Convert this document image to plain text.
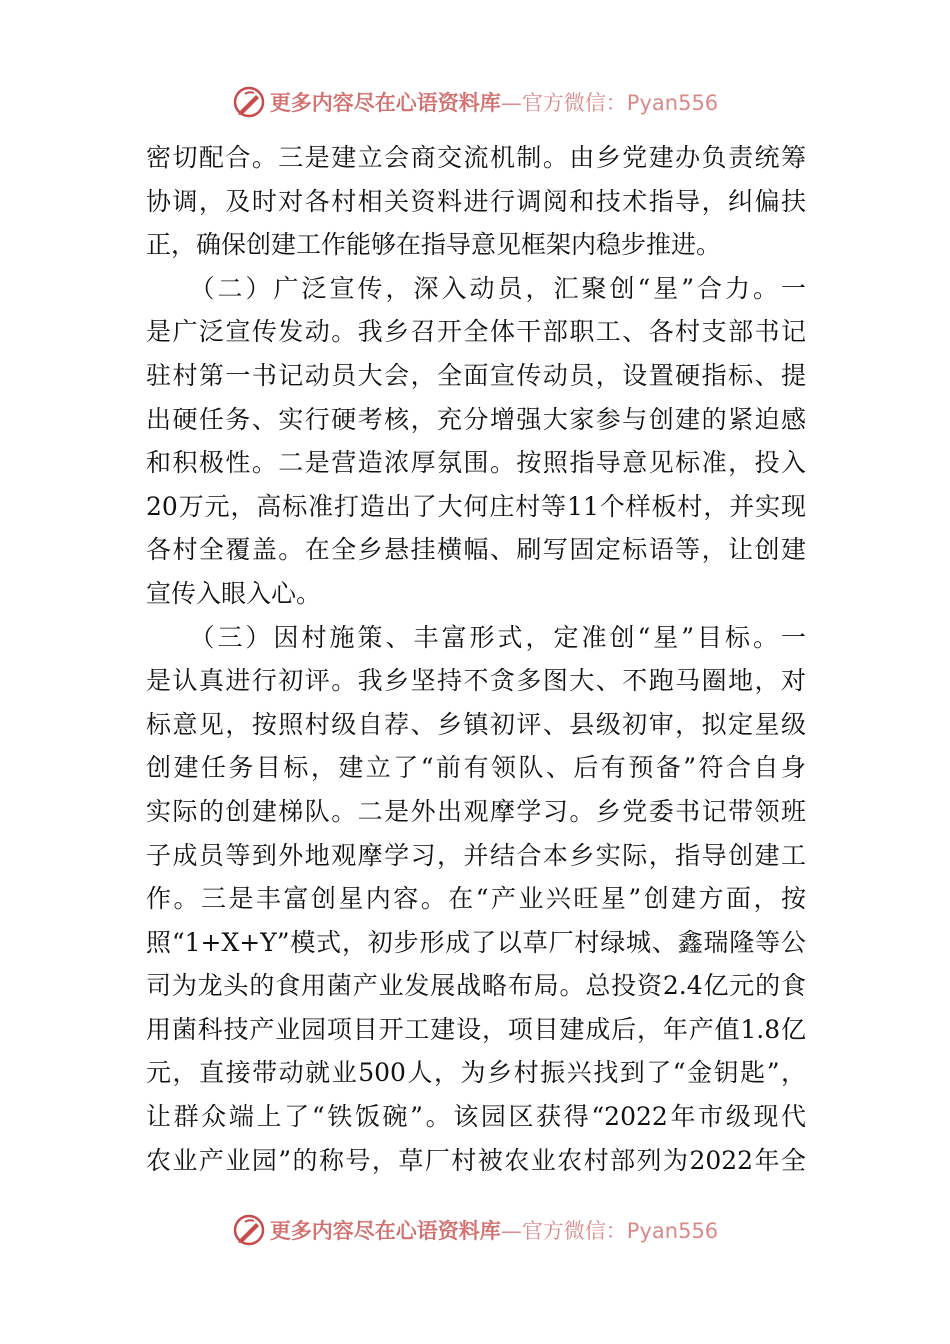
更多内容尽在心语资料库—官方微信：Pyan556
密切配合。三是建立会商交流机制。由乡党建办负责统筹
协调，及时对各村相关资料进行调阅和技术指导，纠偏扶
正，确保创建工作能够在指导意见框架内稳步推进。
　　（二）广泛宣传，深入动员，汇聚创“星”合力。一
是广泛宣传发动。我乡召开全体干部职工、各村支部书记
驻村第一书记动员大会，全面宣传动员，设置硬指标、提
出硬任务、实行硬考核，充分增强大家参与创建的紧迫感
和积极性。二是营造浓厚氛围。按照指导意见标准，投入
20万元，高标准打造出了大何庄村等11个样板村，并实现
各村全覆盖。在全乡悬挂横幅、刷写固定标语等，让创建
宣传入眼入心。
　　（三）因村施策、丰富形式，定准创“星”目标。一
是认真进行初评。我乡坚持不贪多图大、不跑马圈地，对
标意见，按照村级自荐、乡镇初评、县级初审，拟定星级
创建任务目标，建立了“前有领队、后有预备”符合自身
实际的创建梯队。二是外出观摩学习。乡党委书记带领班
子成员等到外地观摩学习，并结合本乡实际，指导创建工
作。三是丰富创星内容。在“产业兴旺星”创建方面，按
照“1+X+Y”模式，初步形成了以草厂村绿城、鑫瑞隆等公
司为龙头的食用菌产业发展战略布局。总投资2.4亿元的食
用菌科技产业园项目开工建设，项目建成后，年产值1.8亿
元，直接带动就业500人，为乡村振兴找到了“金钥匙”，
让群众端上了“铁饭碗”。该园区获得“2022年市级现代
农业产业园”的称号，草厂村被农业农村部列为2022年全
更多内容尽在心语资料库—官方微信：Pyan556
